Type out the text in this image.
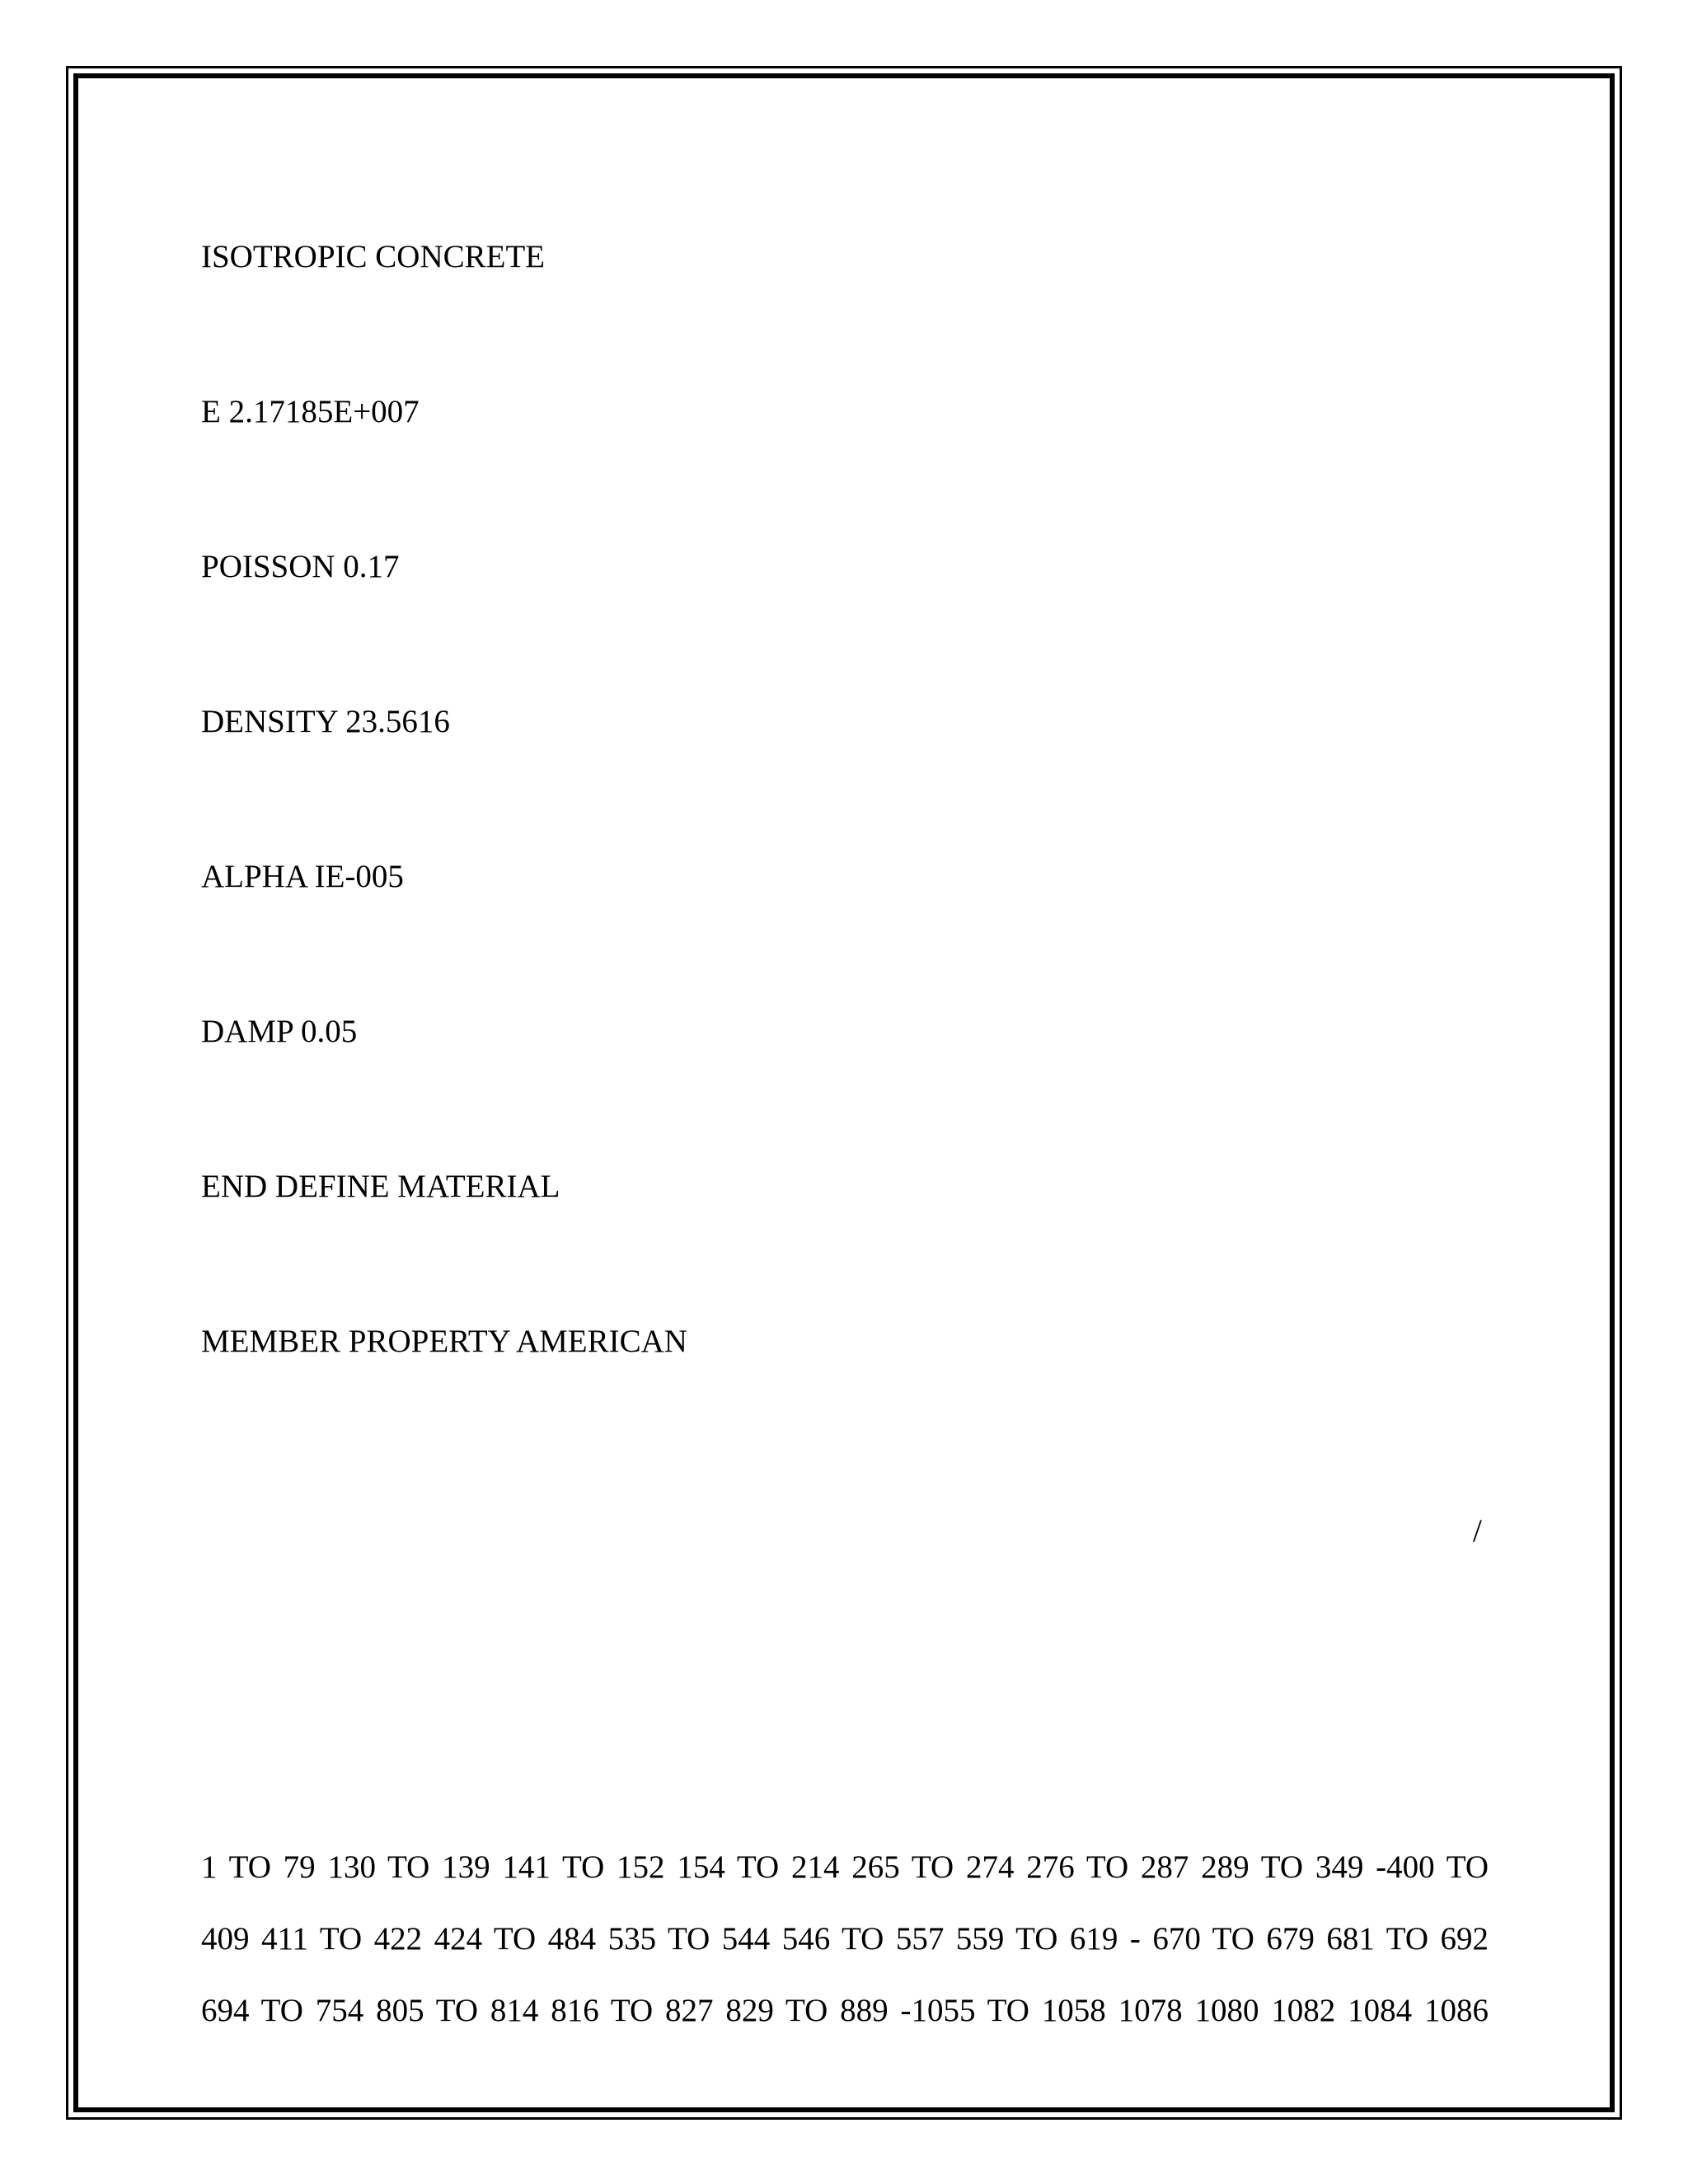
ISOTROPIC CONCRETE
E 2.17185E+007
POISSON 0.17
DENSITY 23.5616
ALPHA IE-005
DAMP 0.05
END DEFINE MATERIAL
MEMBER PROPERTY AMERICAN
/
1 TO 79 130 TO 139 141 TO 152 154 TO 214 265 TO 274 276 TO 287 289 TO 349 -400 TO
409 411 TO 422 424 TO 484 535 TO 544 546 TO 557 559 TO 619 - 670 TO 679 681 TO 692
694 TO 754 805 TO 814 816 TO 827 829 TO 889 -1055 TO 1058 1078 1080 1082 1084 1086
